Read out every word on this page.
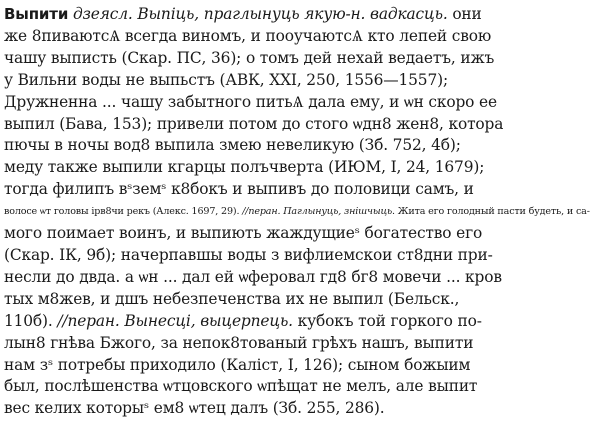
Выпити дзеясл. Выпіць, праглынуць якую-н. вадкасць. они
же 8пиваютсѦ всегда виномъ, и пооучаютсѦ кто лепей свою
чашу выписть (Скар. ПС, 36); о томъ дей нехай ведаетъ, ижъ
у Вильни воды не выпьстъ (АВК, XXI, 250, 1556—1557);
Дружненна ... чашу забытного питьѦ дала ему, и ѡн скоро ее
выпил (Бава, 153); привели потом до стого ѡдн8 жен8, котора
пючы в ночы вод8 выпила змею невеликую (Зб. 752, 4б);
меду также выпили кгарцы полъчверта (ИЮМ, I, 24, 1679);
тогда филипъ вˢземˢ к8бокъ и выпивъ до половици самъ, и
волосе ѡт головы ірв8чи рекъ (Алекс. 1697, 29). //перан. Паглынуць, знішчыць. Жита его голодный пасти будеть, и са-
мого поимает воинъ, и выпиють жаждущиеˢ богатество его
(Скар. ІК, 9б); начерпавшы воды з вифлиемскои ст8дни при-
несли до двда. а ѡн ... дал ей ѡферовал гд8 бг8 мовечи ... кров
тых м8жев, и дшъ небезпеченства их не выпил (Бельск.,
110б). //перан. Вынесці, выцерпець. кубокъ той горкого по-
лын8 гнѣва Бжого, за непок8тованый грѣхъ нашъ, выпити
нам зˢ потребы приходило (Каліст, I, 126); сыном божыим
был, послѣшенства ѡтцовского ѡпѣщат не мелъ, але выпит
вес келих которыˢ ем8 ѡтец далъ (Зб. 255, 286).
